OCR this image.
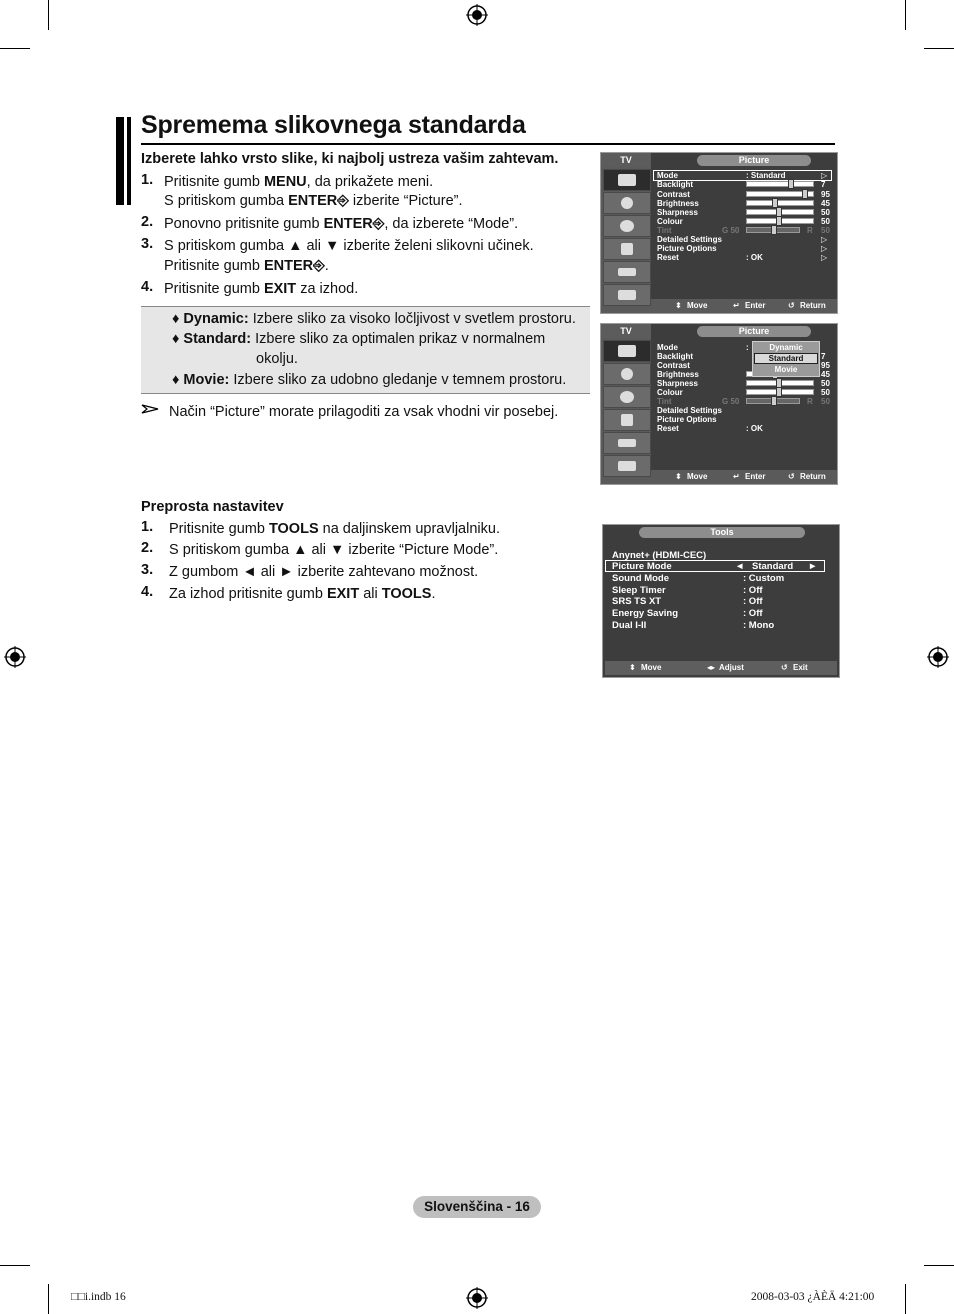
Spremema slikovnega standarda
Izberete lahko vrsto slike, ki najbolj ustreza vašim zahtevam.
1. Pritisnite gumb MENU, da prikažete meni.
S pritiskom gumba ENTER⎆ izberite “Picture”.
2. Ponovno pritisnite gumb ENTER⎆, da izberete “Mode”.
3. S pritiskom gumba ▲ ali ▼ izberite želeni slikovni učinek.
Pritisnite gumb ENTER⎆.
4. Pritisnite gumb EXIT za izhod.
♦ Dynamic: Izbere sliko za visoko ločljivost v svetlem prostoru.
♦ Standard: Izbere sliko za optimalen prikaz v normalnem
okolju.
♦ Movie: Izbere sliko za udobno gledanje v temnem prostoru.
Način “Picture” morate prilagoditi za vsak vhodni vir posebej.
Preprosta nastavitev
1. Pritisnite gumb TOOLS na daljinskem upravljalniku.
2. S pritiskom gumba ▲ ali ▼ izberite “Picture Mode”.
3. Z gumbom ◄ ali ► izberite zahtevano možnost.
4. Za izhod pritisnite gumb EXIT ali TOOLS.
TV	Picture
Mode	: Standard	▷
Backlight	7
Contrast	95
Brightness	45
Sharpness	50
Colour	50
Tint	G 50	R 50
Detailed Settings	▷
Picture Options	▷
Reset	: OK	▷
⬍ Move	↵ Enter	↺ Return
TV	Picture
Mode	:
Backlight	7
Contrast	95
Brightness	45
Sharpness	50
Colour	50
Tint	G 50	R 50
Detailed Settings
Picture Options
Reset	: OK
Dynamic
Standard
Movie
⬍ Move	↵ Enter	↺ Return
Tools
Anynet+ (HDMI-CEC)
Picture Mode	◄ Standard ►
Sound Mode	: Custom
Sleep Timer	: Off
SRS TS XT	: Off
Energy Saving	: Off
Dual I-II	: Mono
⬍ Move	◂▸ Adjust	↺ Exit
Slovenščina - 16
□□i.indb 16	2008-03-03 ¿ÀÈÄ 4:21:00
